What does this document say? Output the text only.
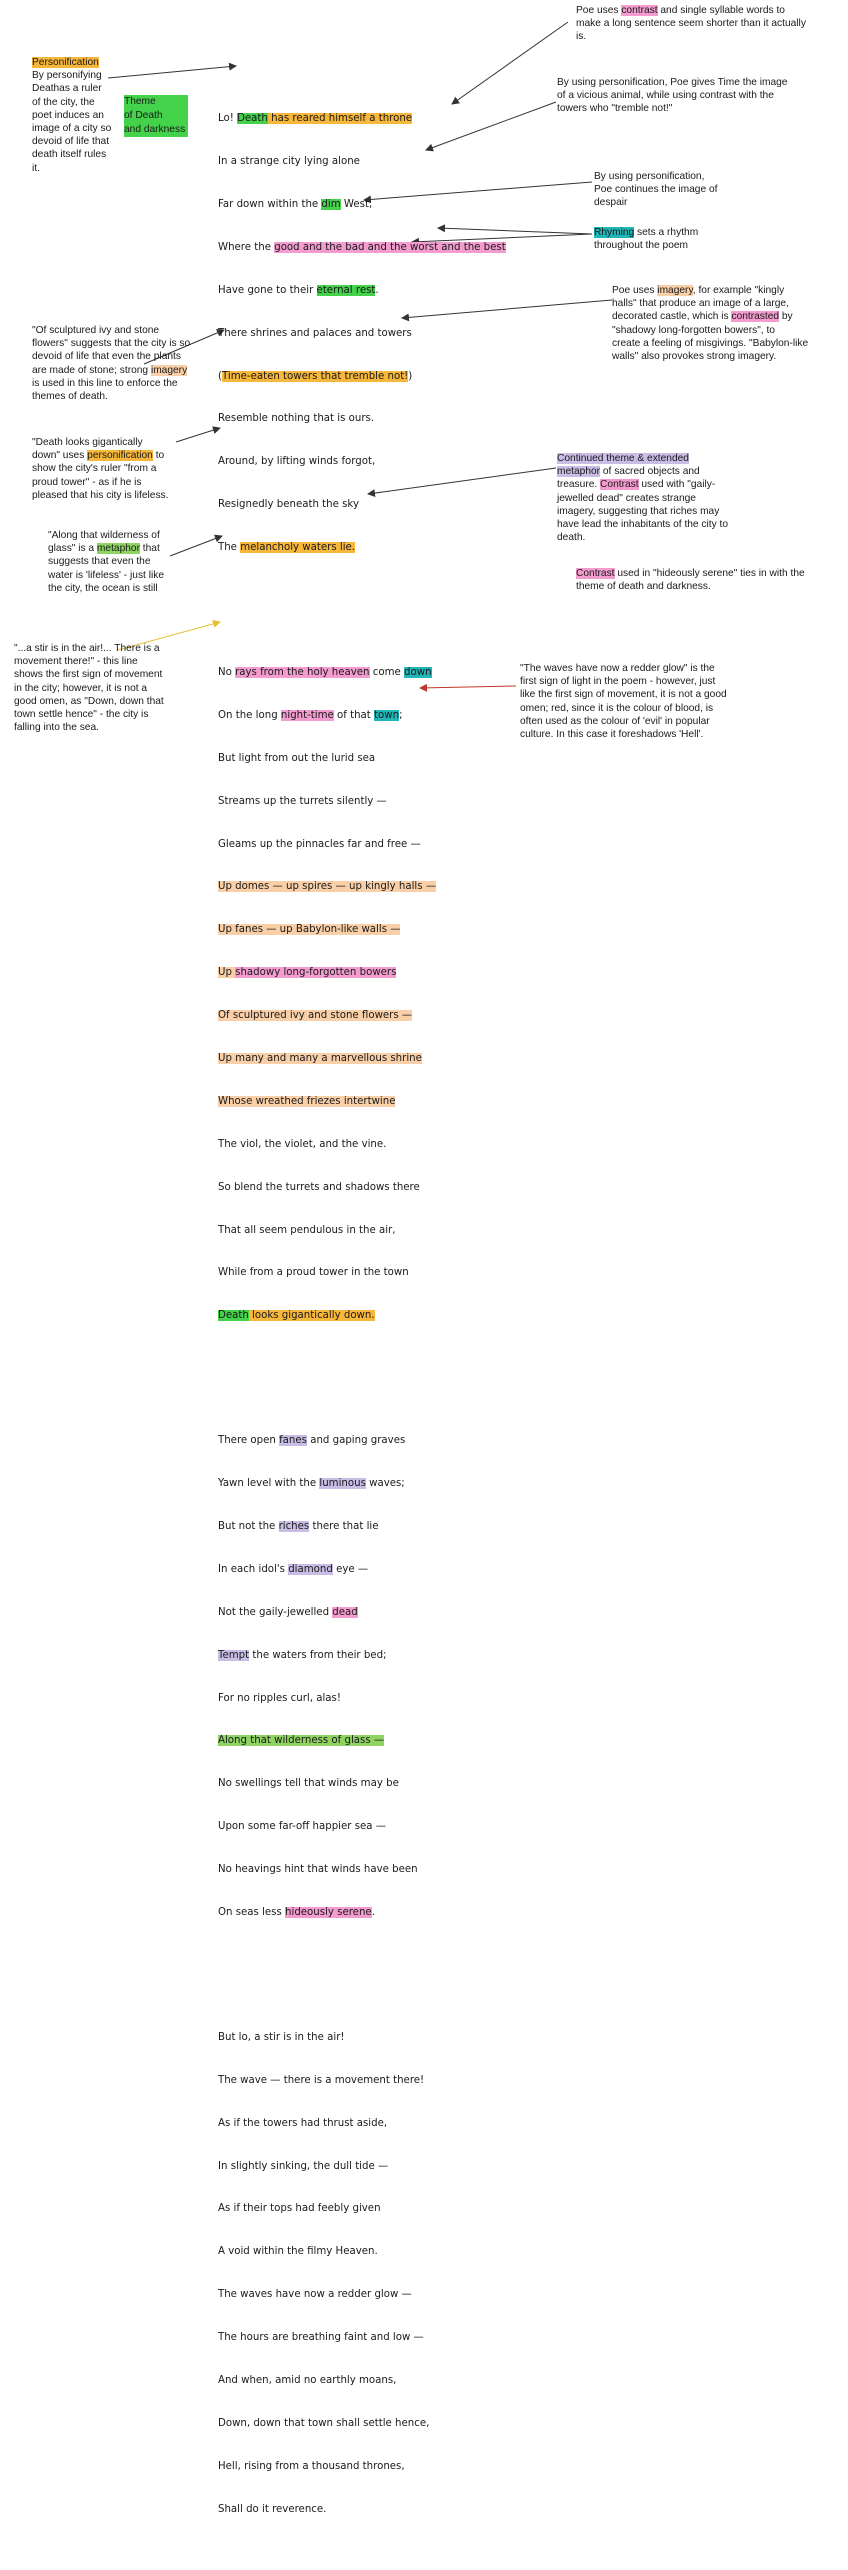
Lo! Death has reared himself a throne

In a strange city lying alone

Far down within the dim West,

Where the good and the bad and the worst and the best

Have gone to their eternal rest.

There shrines and palaces and towers

(Time-eaten towers that tremble not!)

Resemble nothing that is ours.

Around, by lifting winds forgot,

Resignedly beneath the sky

The melancholy waters lie.

No rays from the holy heaven come down

On the long night-time of that town;

But light from out the lurid sea

Streams up the turrets silently —

Gleams up the pinnacles far and free —

Up domes — up spires — up kingly halls —

Up fanes — up Babylon-like walls —

Up shadowy long-forgotten bowers

Of sculptured ivy and stone flowers —

Up many and many a marvellous shrine

Whose wreathed friezes intertwine

The viol, the violet, and the vine.

So blend the turrets and shadows there

That all seem pendulous in the air,

While from a proud tower in the town

Death looks gigantically down.

There open fanes and gaping graves

Yawn level with the luminous waves;

But not the riches there that lie

In each idol's diamond eye —

Not the gaily-jewelled dead

Tempt the waters from their bed;

For no ripples curl, alas!

Along that wilderness of glass —

No swellings tell that winds may be

Upon some far-off happier sea —

No heavings hint that winds have been

On seas less hideously serene.

But lo, a stir is in the air!

The wave — there is a movement there!

As if the towers had thrust aside,

In slightly sinking, the dull tide —

As if their tops had feebly given

A void within the filmy Heaven.

The waves have now a redder glow —

The hours are breathing faint and low —

And when, amid no earthly moans,

Down, down that town shall settle hence,

Hell, rising from a thousand thrones,

Shall do it reverence.

Personification
By personifying
Deathas a ruler
of the city, the
poet induces an
image of a city so
devoid of life that
death itself rules
it.
Theme
of Death
and darkness
"Of sculptured ivy and stone
flowers" suggests that the city is so
devoid of life that even the plants
are made of stone; strong imagery
is used in this line to enforce the
themes of death.
"Death looks gigantically
down" uses personification to
show the city's ruler "from a
proud tower" - as if he is
pleased that his city is lifeless.
"Along that wilderness of
glass" is a metaphor that
suggests that even the
water is 'lifeless' - just like
the city, the ocean is still
"...a stir is in the air!... There is a
movement there!" - this line
shows the first sign of movement
in the city; however, it is not a
good omen, as "Down, down that
town settle hence" - the city is
falling into the sea.
Poe uses contrast and single syllable words to
make a long sentence seem shorter than it actually
is.
By using personification, Poe gives Time the image
of a vicious animal, while using contrast with the
towers who "tremble not!"
By using personification,
Poe continues the image of
despair
Rhyming sets a rhythm
throughout the poem
Poe uses imagery, for example "kingly
halls" that produce an image of a large,
decorated castle, which is contrasted by
"shadowy long-forgotten bowers", to
create a feeling of misgivings. "Babylon-like
walls" also provokes strong imagery.
Continued theme & extended
metaphor of sacred objects and
treasure. Contrast used with "gaily-
jewelled dead" creates strange
imagery, suggesting that riches may
have lead the inhabitants of the city to
death.
Contrast used in "hideously serene" ties in with the
theme of death and darkness.
"The waves have now a redder glow" is the
first sign of light in the poem - however, just
like the first sign of movement, it is not a good
omen; red, since it is the colour of blood, is
often used as the colour of 'evil' in popular
culture. In this case it foreshadows 'Hell'.
